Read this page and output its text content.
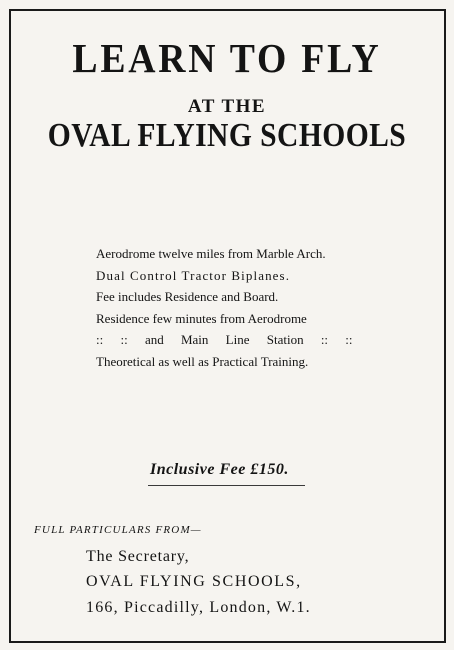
LEARN TO FLY
AT THE
OVAL FLYING SCHOOLS
Aerodrome twelve miles from Marble Arch.
Dual Control Tractor Biplanes.
Fee includes Residence and Board.
Residence few minutes from Aerodrome
:: :: and Main Line Station :: ::
Theoretical as well as Practical Training.
Inclusive Fee £150.
FULL PARTICULARS FROM—
The Secretary,
OVAL FLYING SCHOOLS,
166, Piccadilly, London, W.1.
